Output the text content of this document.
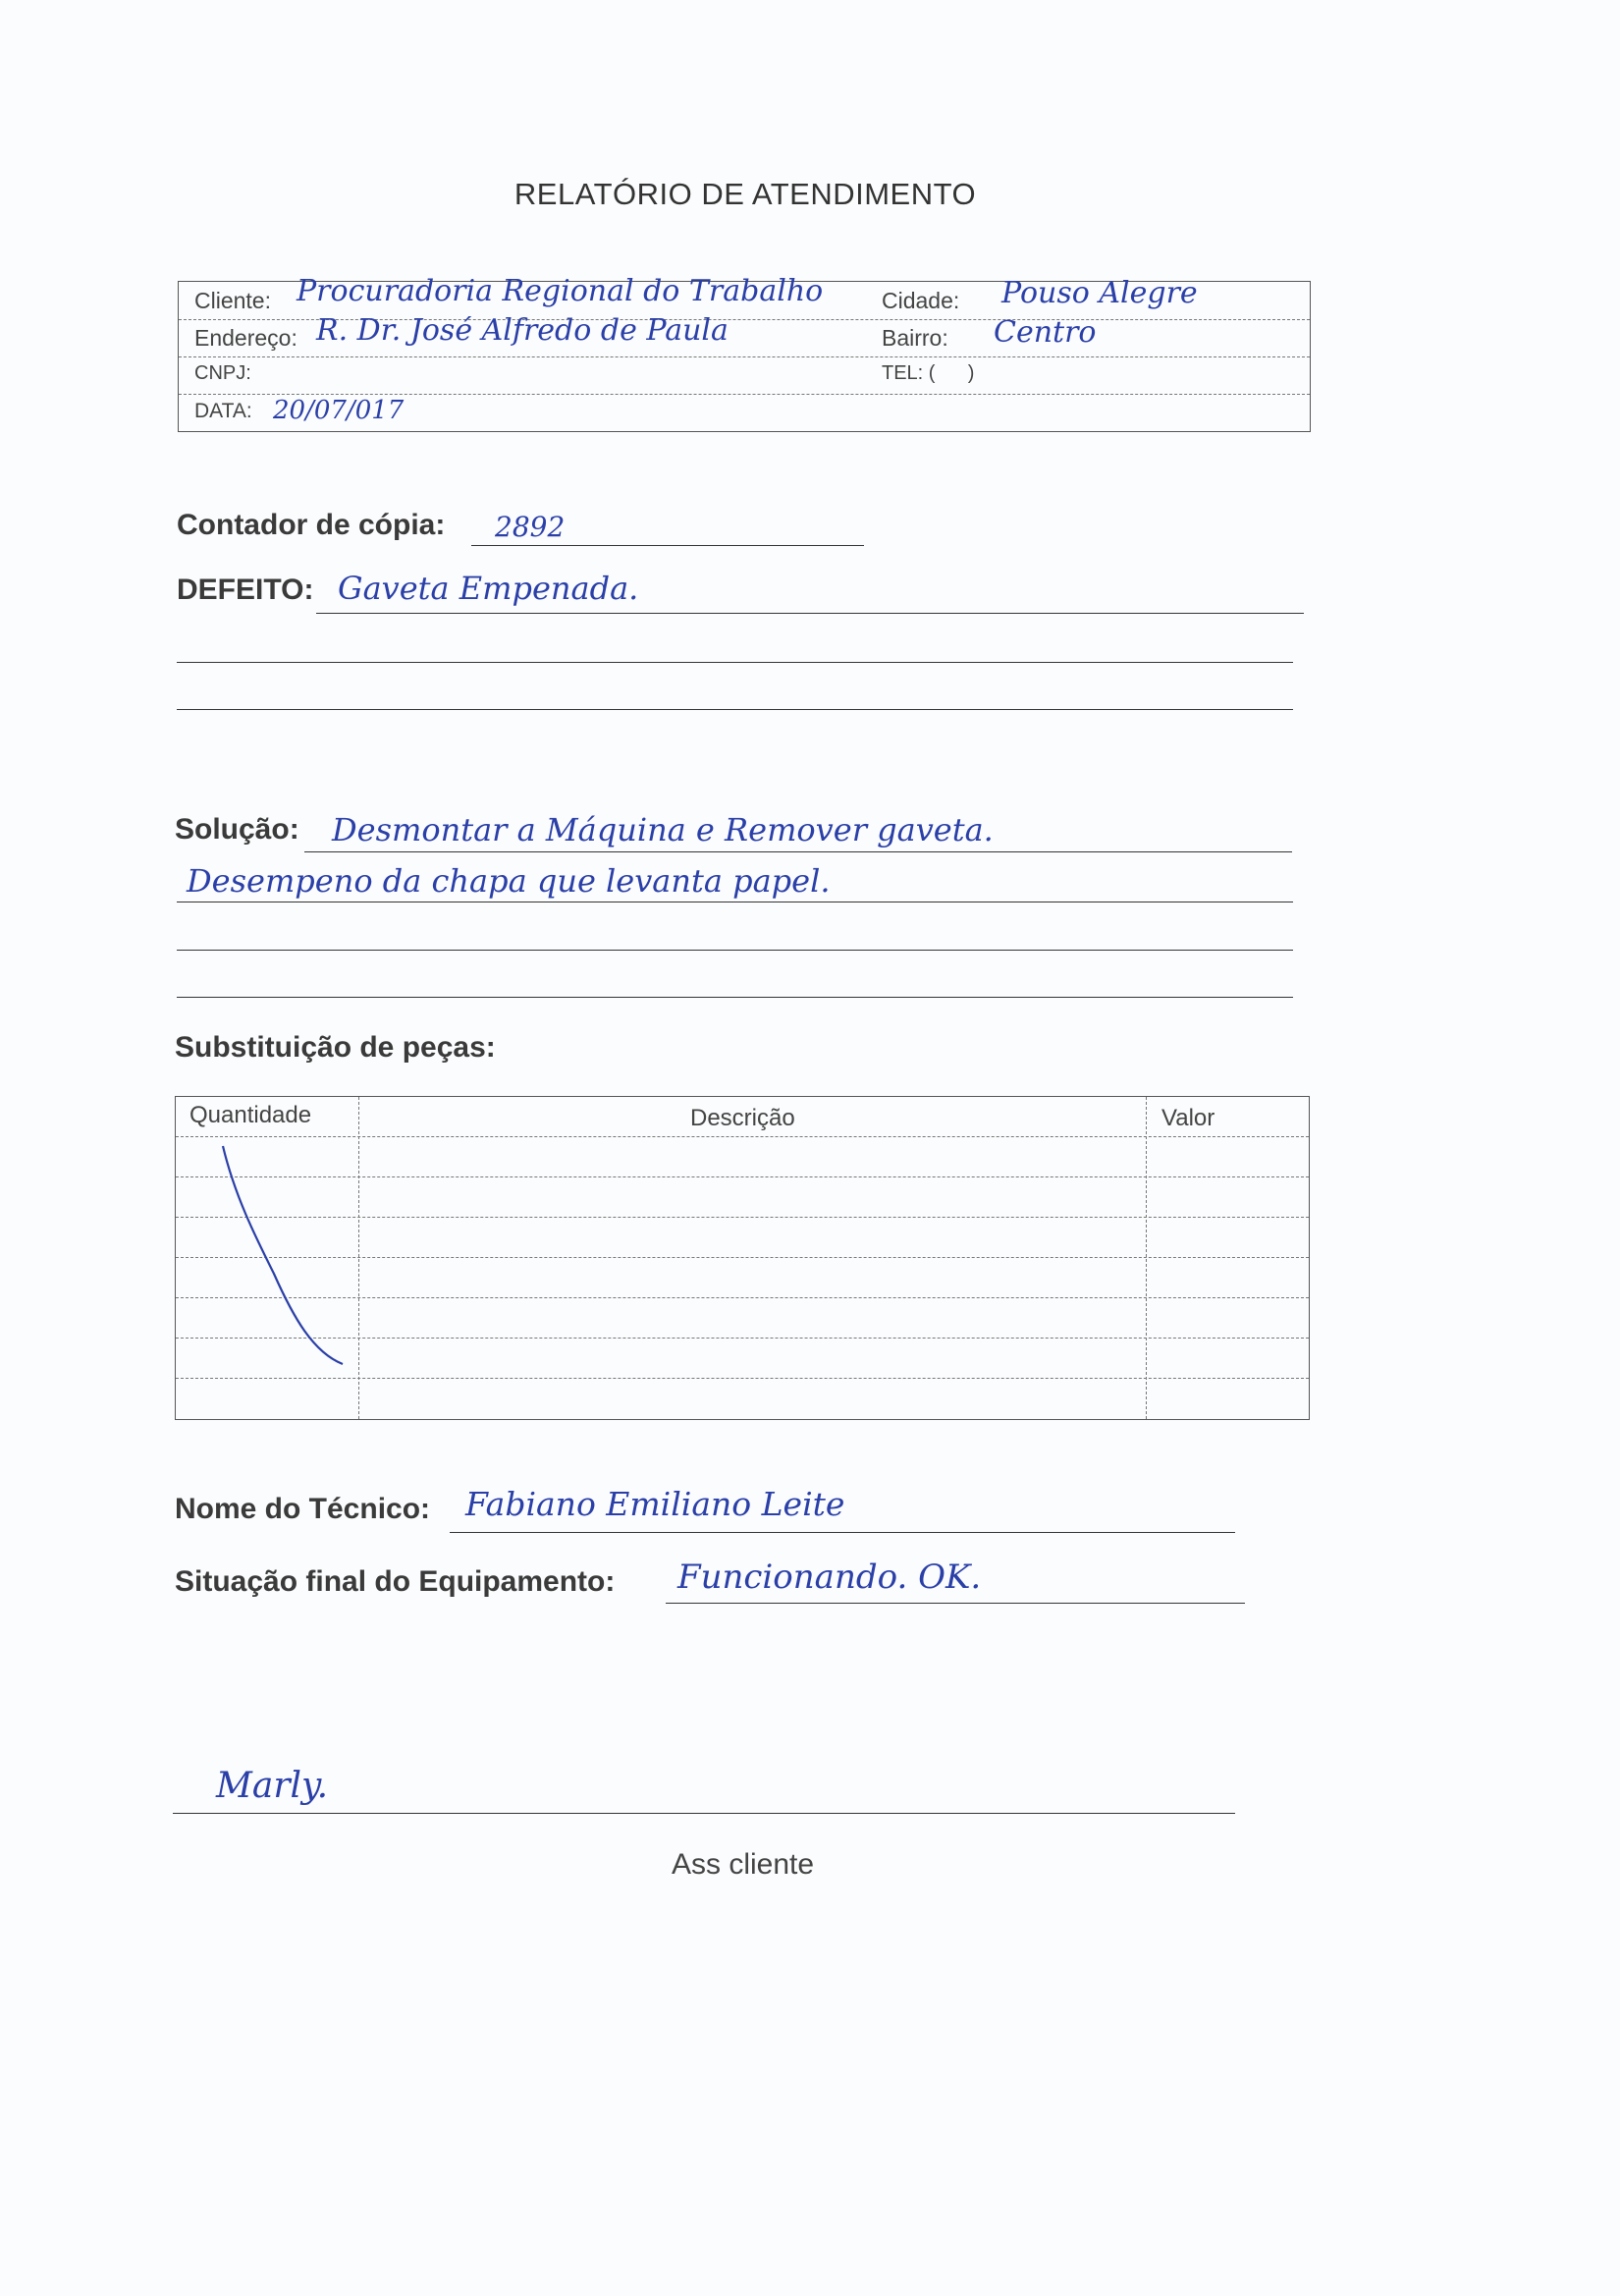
RELATÓRIO DE ATENDIMENTO
Cliente: Procuradoria Regional do Trabalho	Cidade: Pouso Alegre
Endereço: R. Dr. José Alfredo de Paula	Bairro: Centro
CNPJ:	TEL: (      )
DATA: 20/07/017
Contador de cópia: 2892
DEFEITO: Gaveta Empenada.
Solução: Desmontar a Máquina e Remover gaveta.
Desempeno da chapa que levanta papel.
Substituição de peças:
Quantidade	Descrição	Valor
Nome do Técnico: Fabiano Emiliano Leite
Situação final do Equipamento: Funcionando. OK.
Marly.
Ass cliente
